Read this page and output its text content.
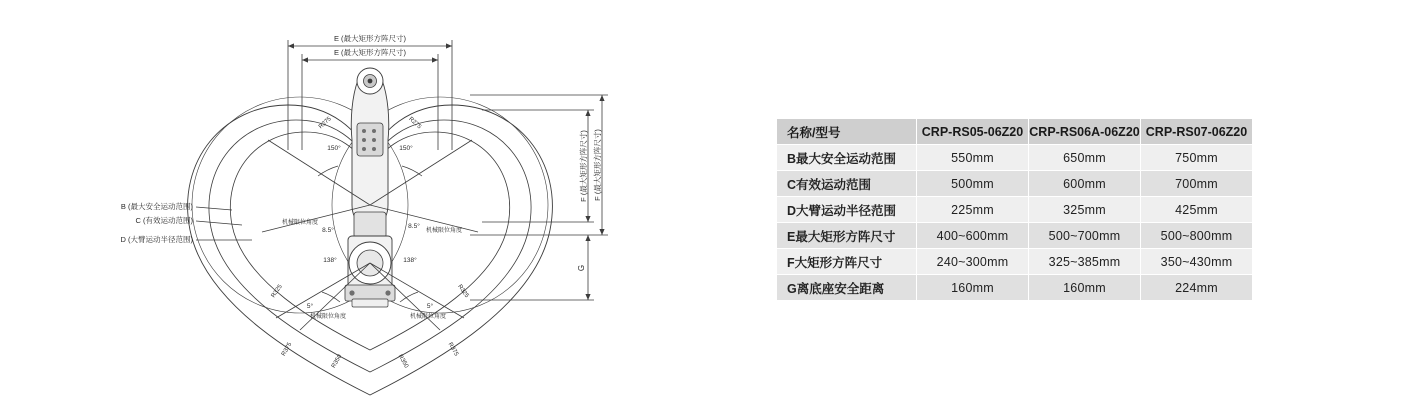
E (最大矩形方阵尺寸)
E (最大矩形方阵尺寸)
F (最大矩形方阵尺寸)
F (最大矩形方阵尺寸)
G
B (最大安全运动范围)
C (有效运动范围)
D (大臂运动半径范围)
机械限位角度
机械限位角度
机械限位角度	机械限位角度
150°	150°
8.5°
8.5°
138°	138°
5°	5°
R275	R275
R325	R325
R350	R350
R375	R375
名称/型号	CRP-RS05-06Z20	CRP-RS06A-06Z20	CRP-RS07-06Z20
B最大安全运动范围	550mm	650mm	750mm
C有效运动范围	500mm	600mm	700mm
D大臂运动半径范围	225mm	325mm	425mm
E最大矩形方阵尺寸	400~600mm	500~700mm	500~800mm
F大矩形方阵尺寸	240~300mm	325~385mm	350~430mm
G离底座安全距离	160mm	160mm	224mm
